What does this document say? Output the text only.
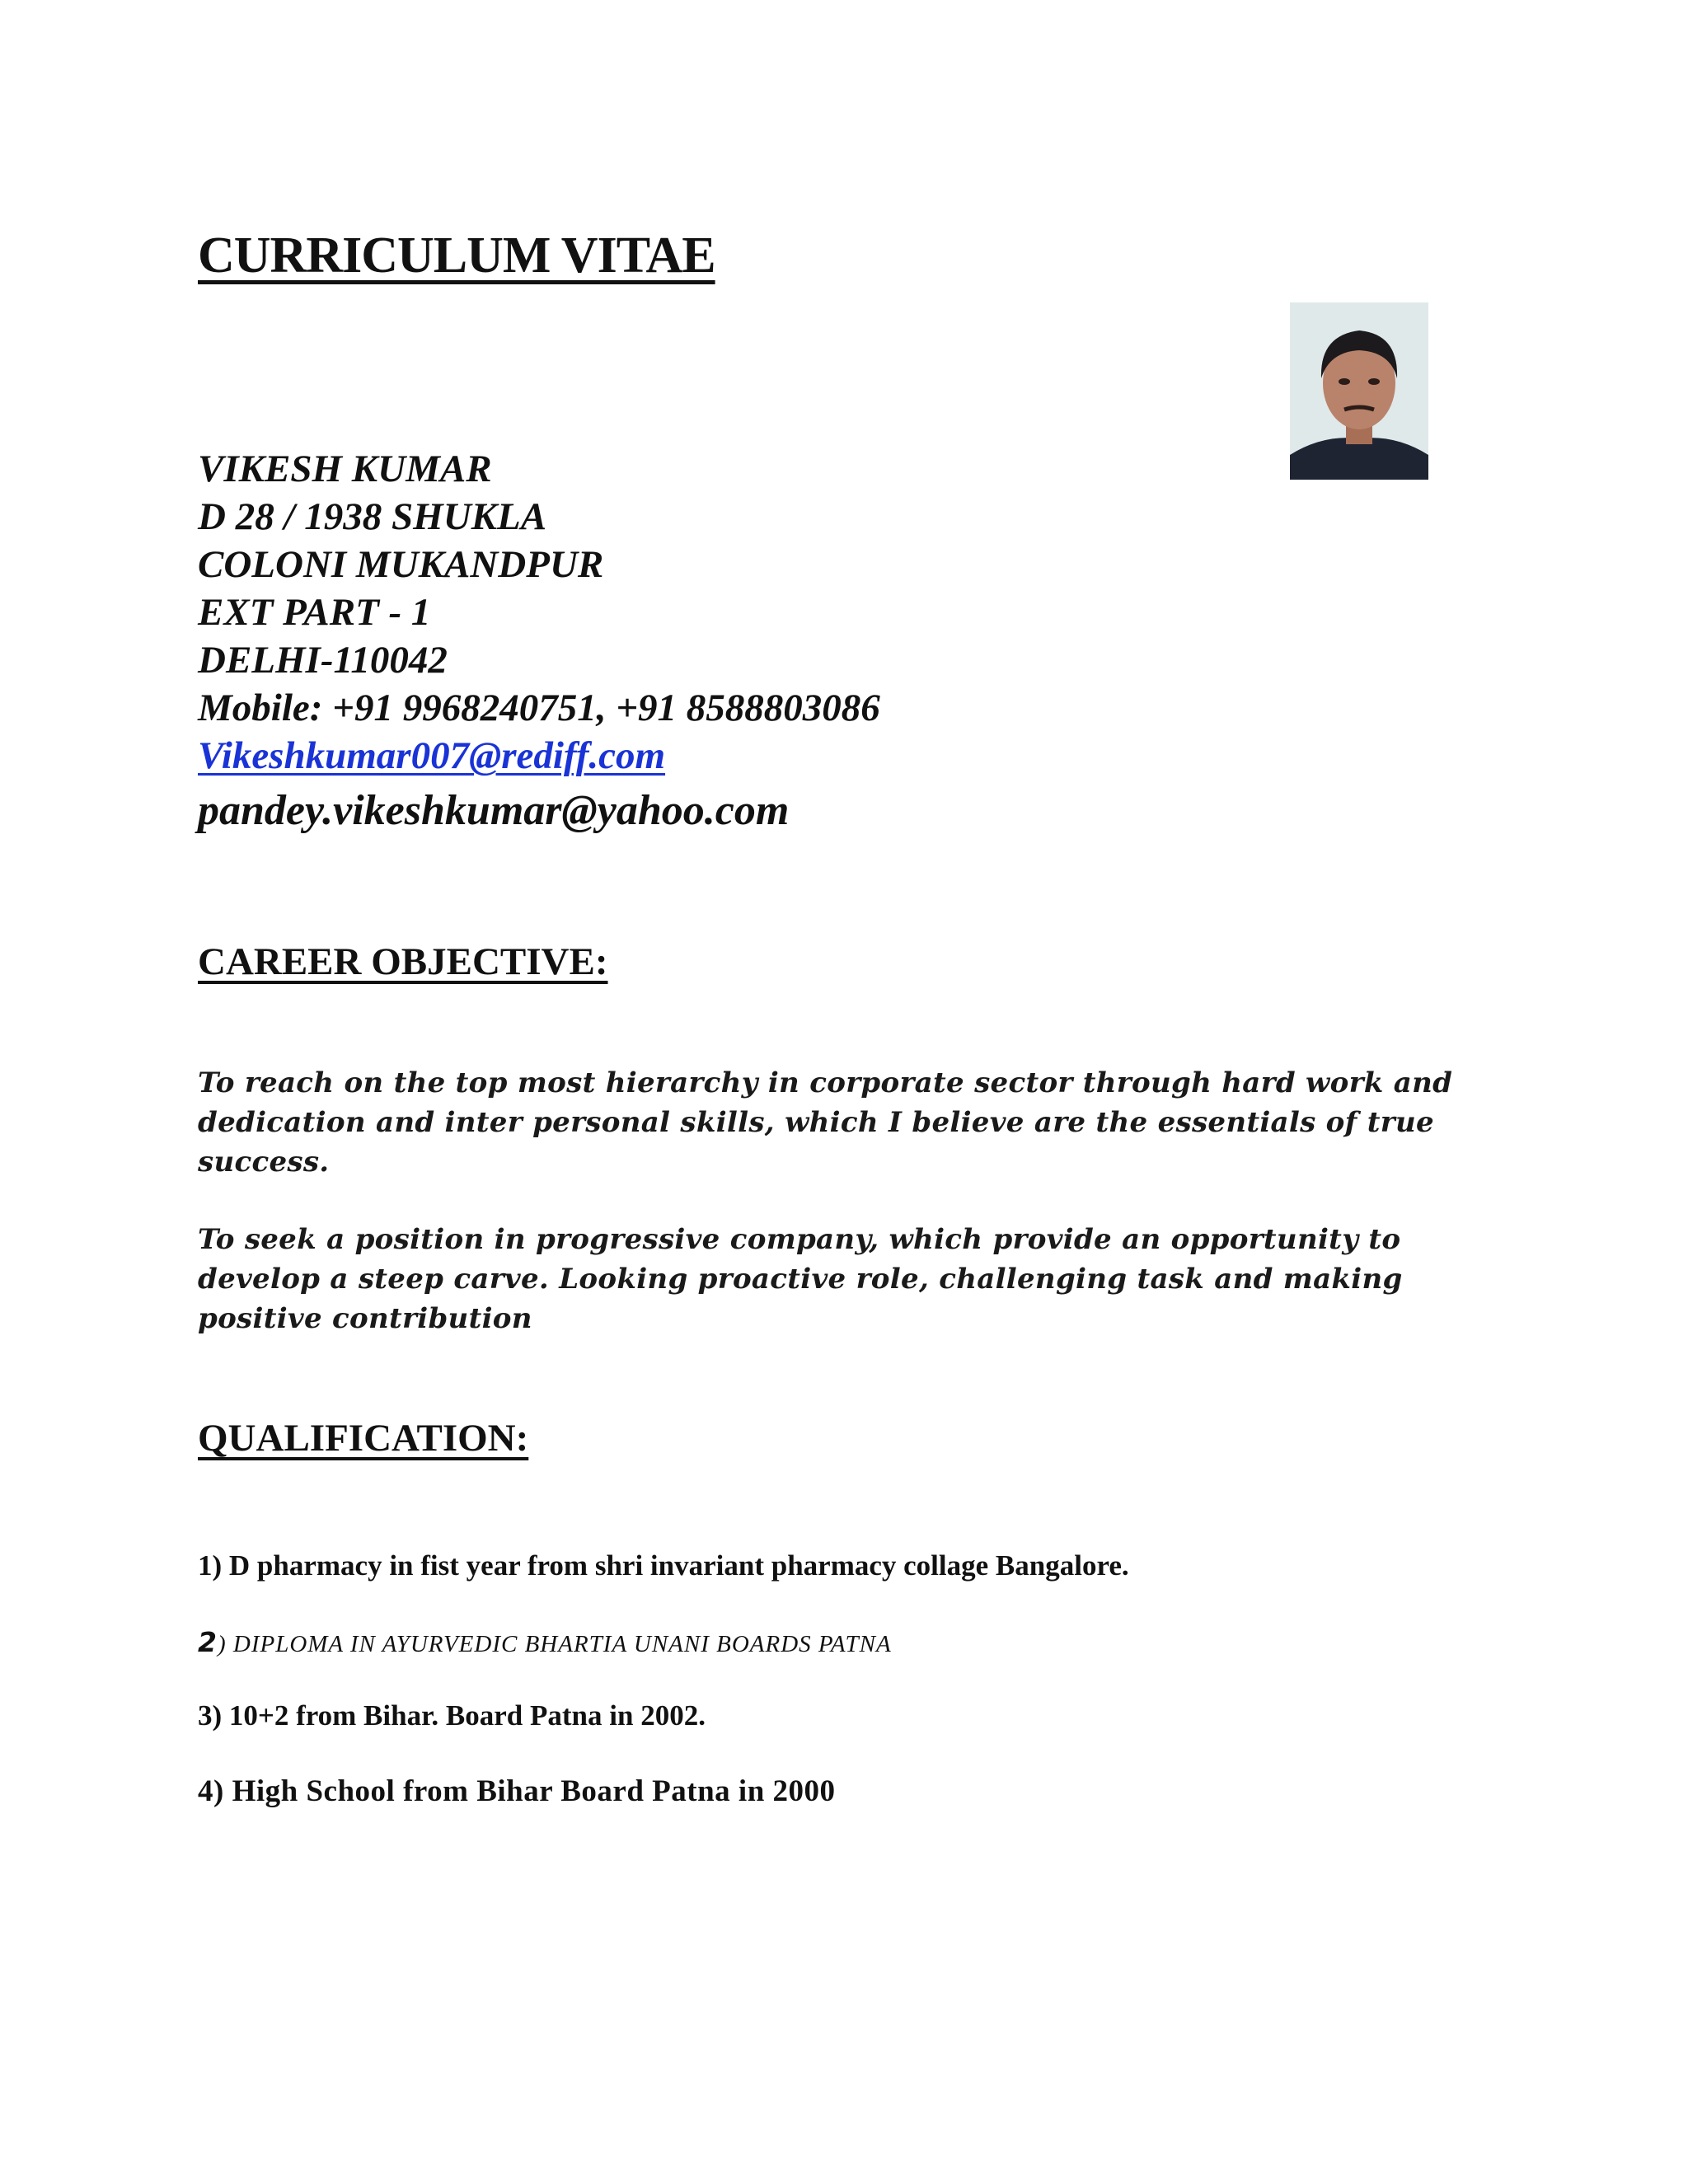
CURRICULUM VITAE
VIKESH KUMAR
D 28 / 1938 SHUKLA
COLONI MUKANDPUR
EXT PART - 1
DELHI-110042
Mobile: +91 9968240751, +91 8588803086
Vikeshkumar007@rediff.com
pandey.vikeshkumar@yahoo.com
CAREER OBJECTIVE:

To reach on the top most hierarchy in corporate sector through hard work and dedication and inter personal skills, which I believe are the essentials of true success.

To seek a position in progressive company, which provide an opportunity to develop a steep carve. Looking proactive role, challenging task and making positive contribution

QUALIFICATION:

1) D pharmacy in fist year from shri invariant pharmacy collage Bangalore.

2) DIPLOMA IN AYURVEDIC BHARTIA UNANI BOARDS PATNA

3) 10+2 from Bihar. Board Patna in 2002.

4) High School from Bihar Board Patna in 2000
